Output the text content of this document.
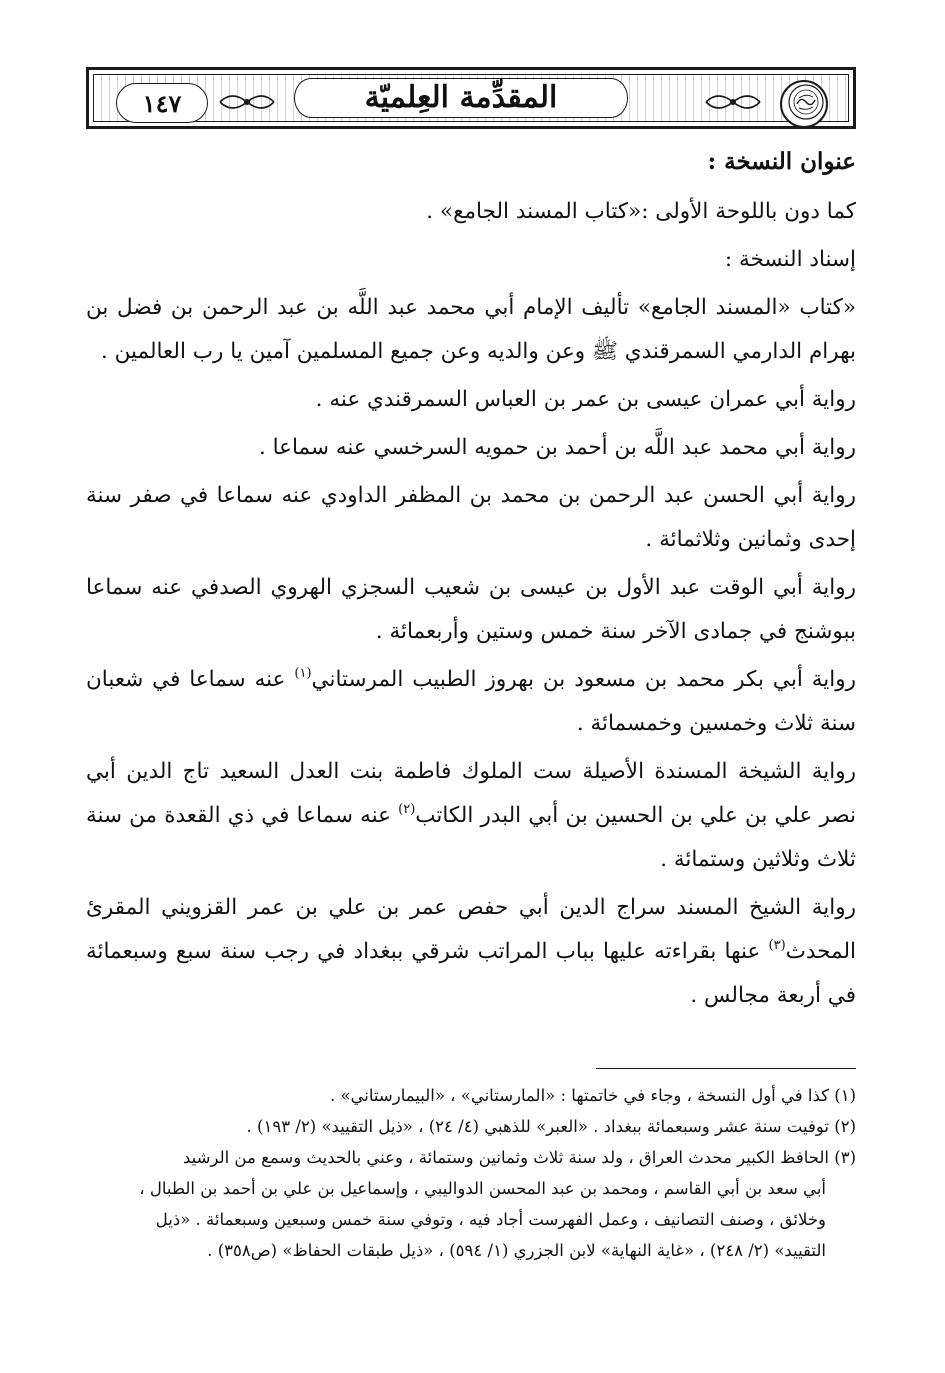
المقدِّمة العِلميّة
١٤٧

عنوان النسخة :

كما دون باللوحة الأولى :«كتاب المسند الجامع» .

إسناد النسخة :

«كتاب «المسند الجامع» تأليف الإمام أبي محمد عبد اللَّه بن عبد الرحمن بن فضل بن بهرام الدارمي السمرقندي ﷺ وعن والديه وعن جميع المسلمين آمين يا رب العالمين .

رواية أبي عمران عيسى بن عمر بن العباس السمرقندي عنه .

رواية أبي محمد عبد اللَّه بن أحمد بن حمويه السرخسي عنه سماعا .

رواية أبي الحسن عبد الرحمن بن محمد بن المظفر الداودي عنه سماعا في صفر سنة إحدى وثمانين وثلاثمائة .

رواية أبي الوقت عبد الأول بن عيسى بن شعيب السجزي الهروي الصدفي عنه سماعا ببوشنج في جمادى الآخر سنة خمس وستين وأربعمائة .

رواية أبي بكر محمد بن مسعود بن بهروز الطبيب المرستاني$^{(١)}$ عنه سماعا في شعبان سنة ثلاث وخمسين وخمسمائة .

رواية الشيخة المسندة الأصيلة ست الملوك فاطمة بنت العدل السعيد تاج الدين أبي نصر علي بن علي بن الحسين بن أبي البدر الكاتب$^{(٢)}$ عنه سماعا في ذي القعدة من سنة ثلاث وثلاثين وستمائة .

رواية الشيخ المسند سراج الدين أبي حفص عمر بن علي بن عمر القزويني المقرئ المحدث$^{(٣)}$ عنها بقراءته عليها بباب المراتب شرقي ببغداد في رجب سنة سبع وسبعمائة في أربعة مجالس .

(١) كذا في أول النسخة ، وجاء في خاتمتها : «المارستاني» ، «البيمارستاني» .

(٢) توفيت سنة عشر وسبعمائة ببغداد . «العبر» للذهبي (٤/ ٢٤) ، «ذيل التقييد» (٢/ ١٩٣) .

(٣) الحافظ الكبير محدث العراق ، ولد سنة ثلاث وثمانين وستمائة ، وعني بالحديث وسمع من الرشيد

أبي سعد بن أبي القاسم ، ومحمد بن عبد المحسن الدواليبي ، وإسماعيل بن علي بن أحمد بن الطبال ،

وخلائق ، وصنف التصانيف ، وعمل الفهرست أجاد فيه ، وتوفي سنة خمس وسبعين وسبعمائة . «ذيل

التقييد» (٢/ ٢٤٨) ، «غاية النهاية» لابن الجزري (١/ ٥٩٤) ، «ذيل طبقات الحفاظ» (ص٣٥٨) .
